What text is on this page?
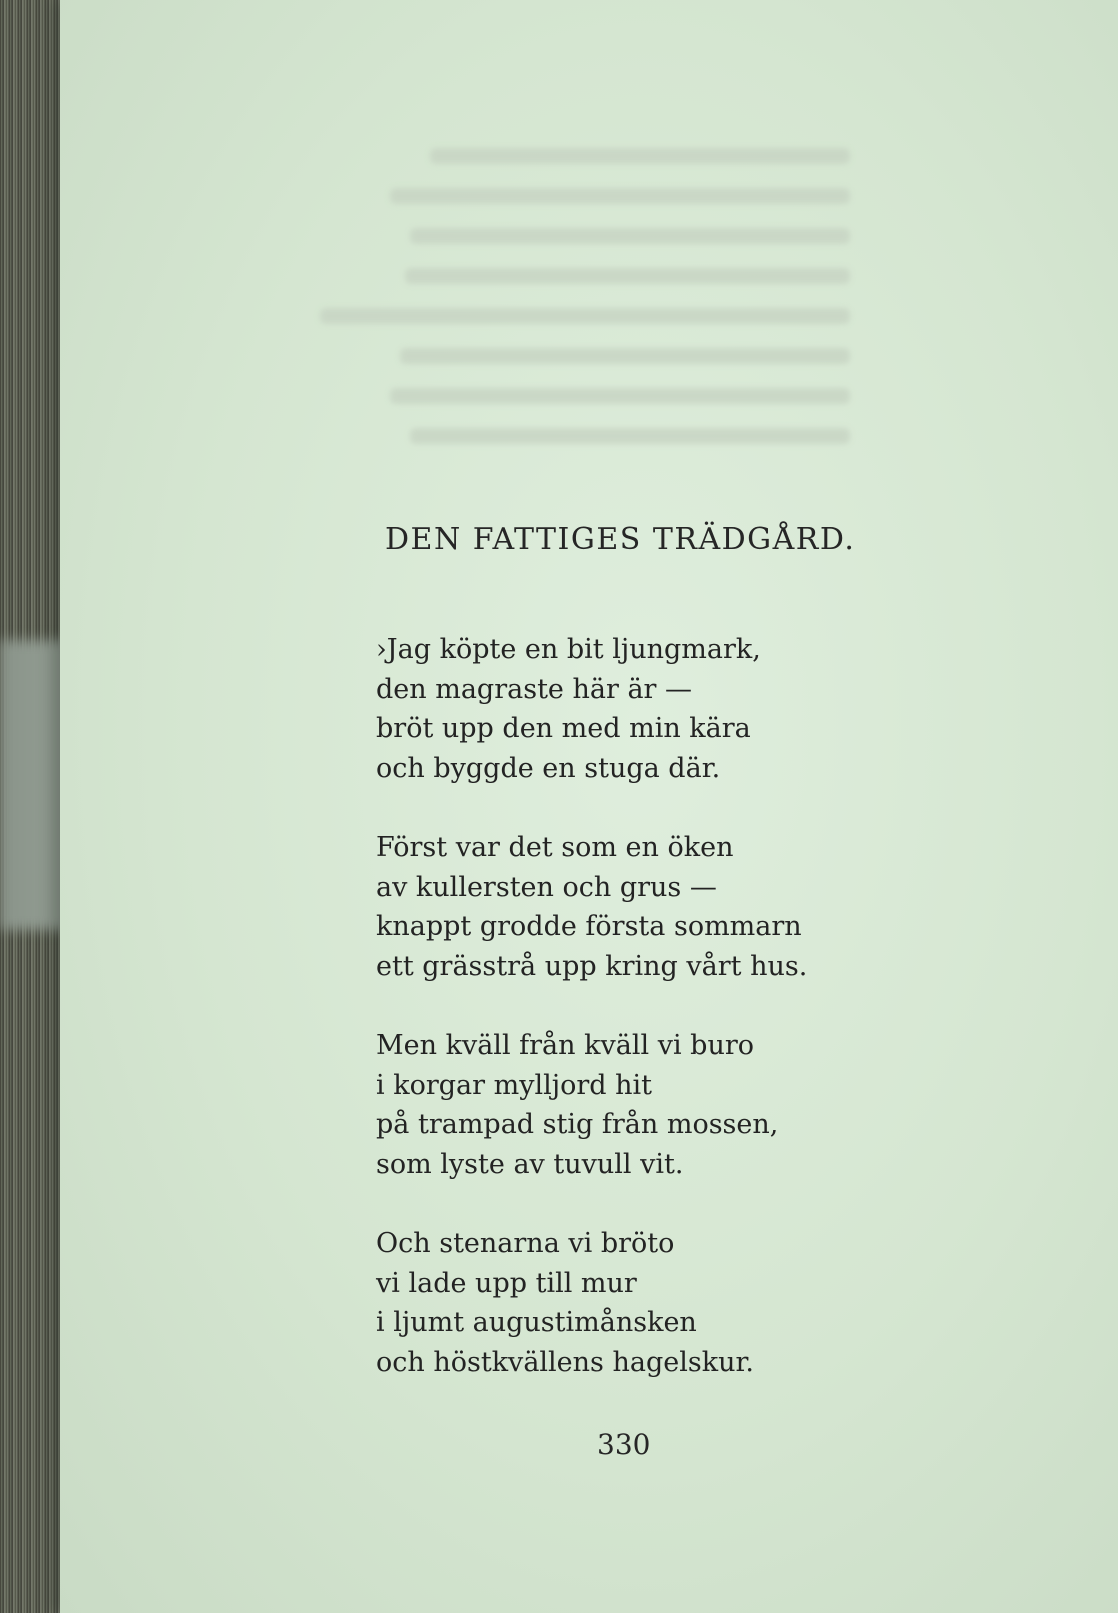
DEN FATTIGES TRÄDGÅRD.
›Jag köpte en bit ljungmark,
den magraste här är —
bröt upp den med min kära
och byggde en stuga där.
Först var det som en öken
av kullersten och grus —
knappt grodde första sommarn
ett grässtrå upp kring vårt hus.
Men kväll från kväll vi buro
i korgar mylljord hit
på trampad stig från mossen,
som lyste av tuvull vit.
Och stenarna vi bröto
vi lade upp till mur
i ljumt augustimånsken
och höstkvällens hagelskur.
330
